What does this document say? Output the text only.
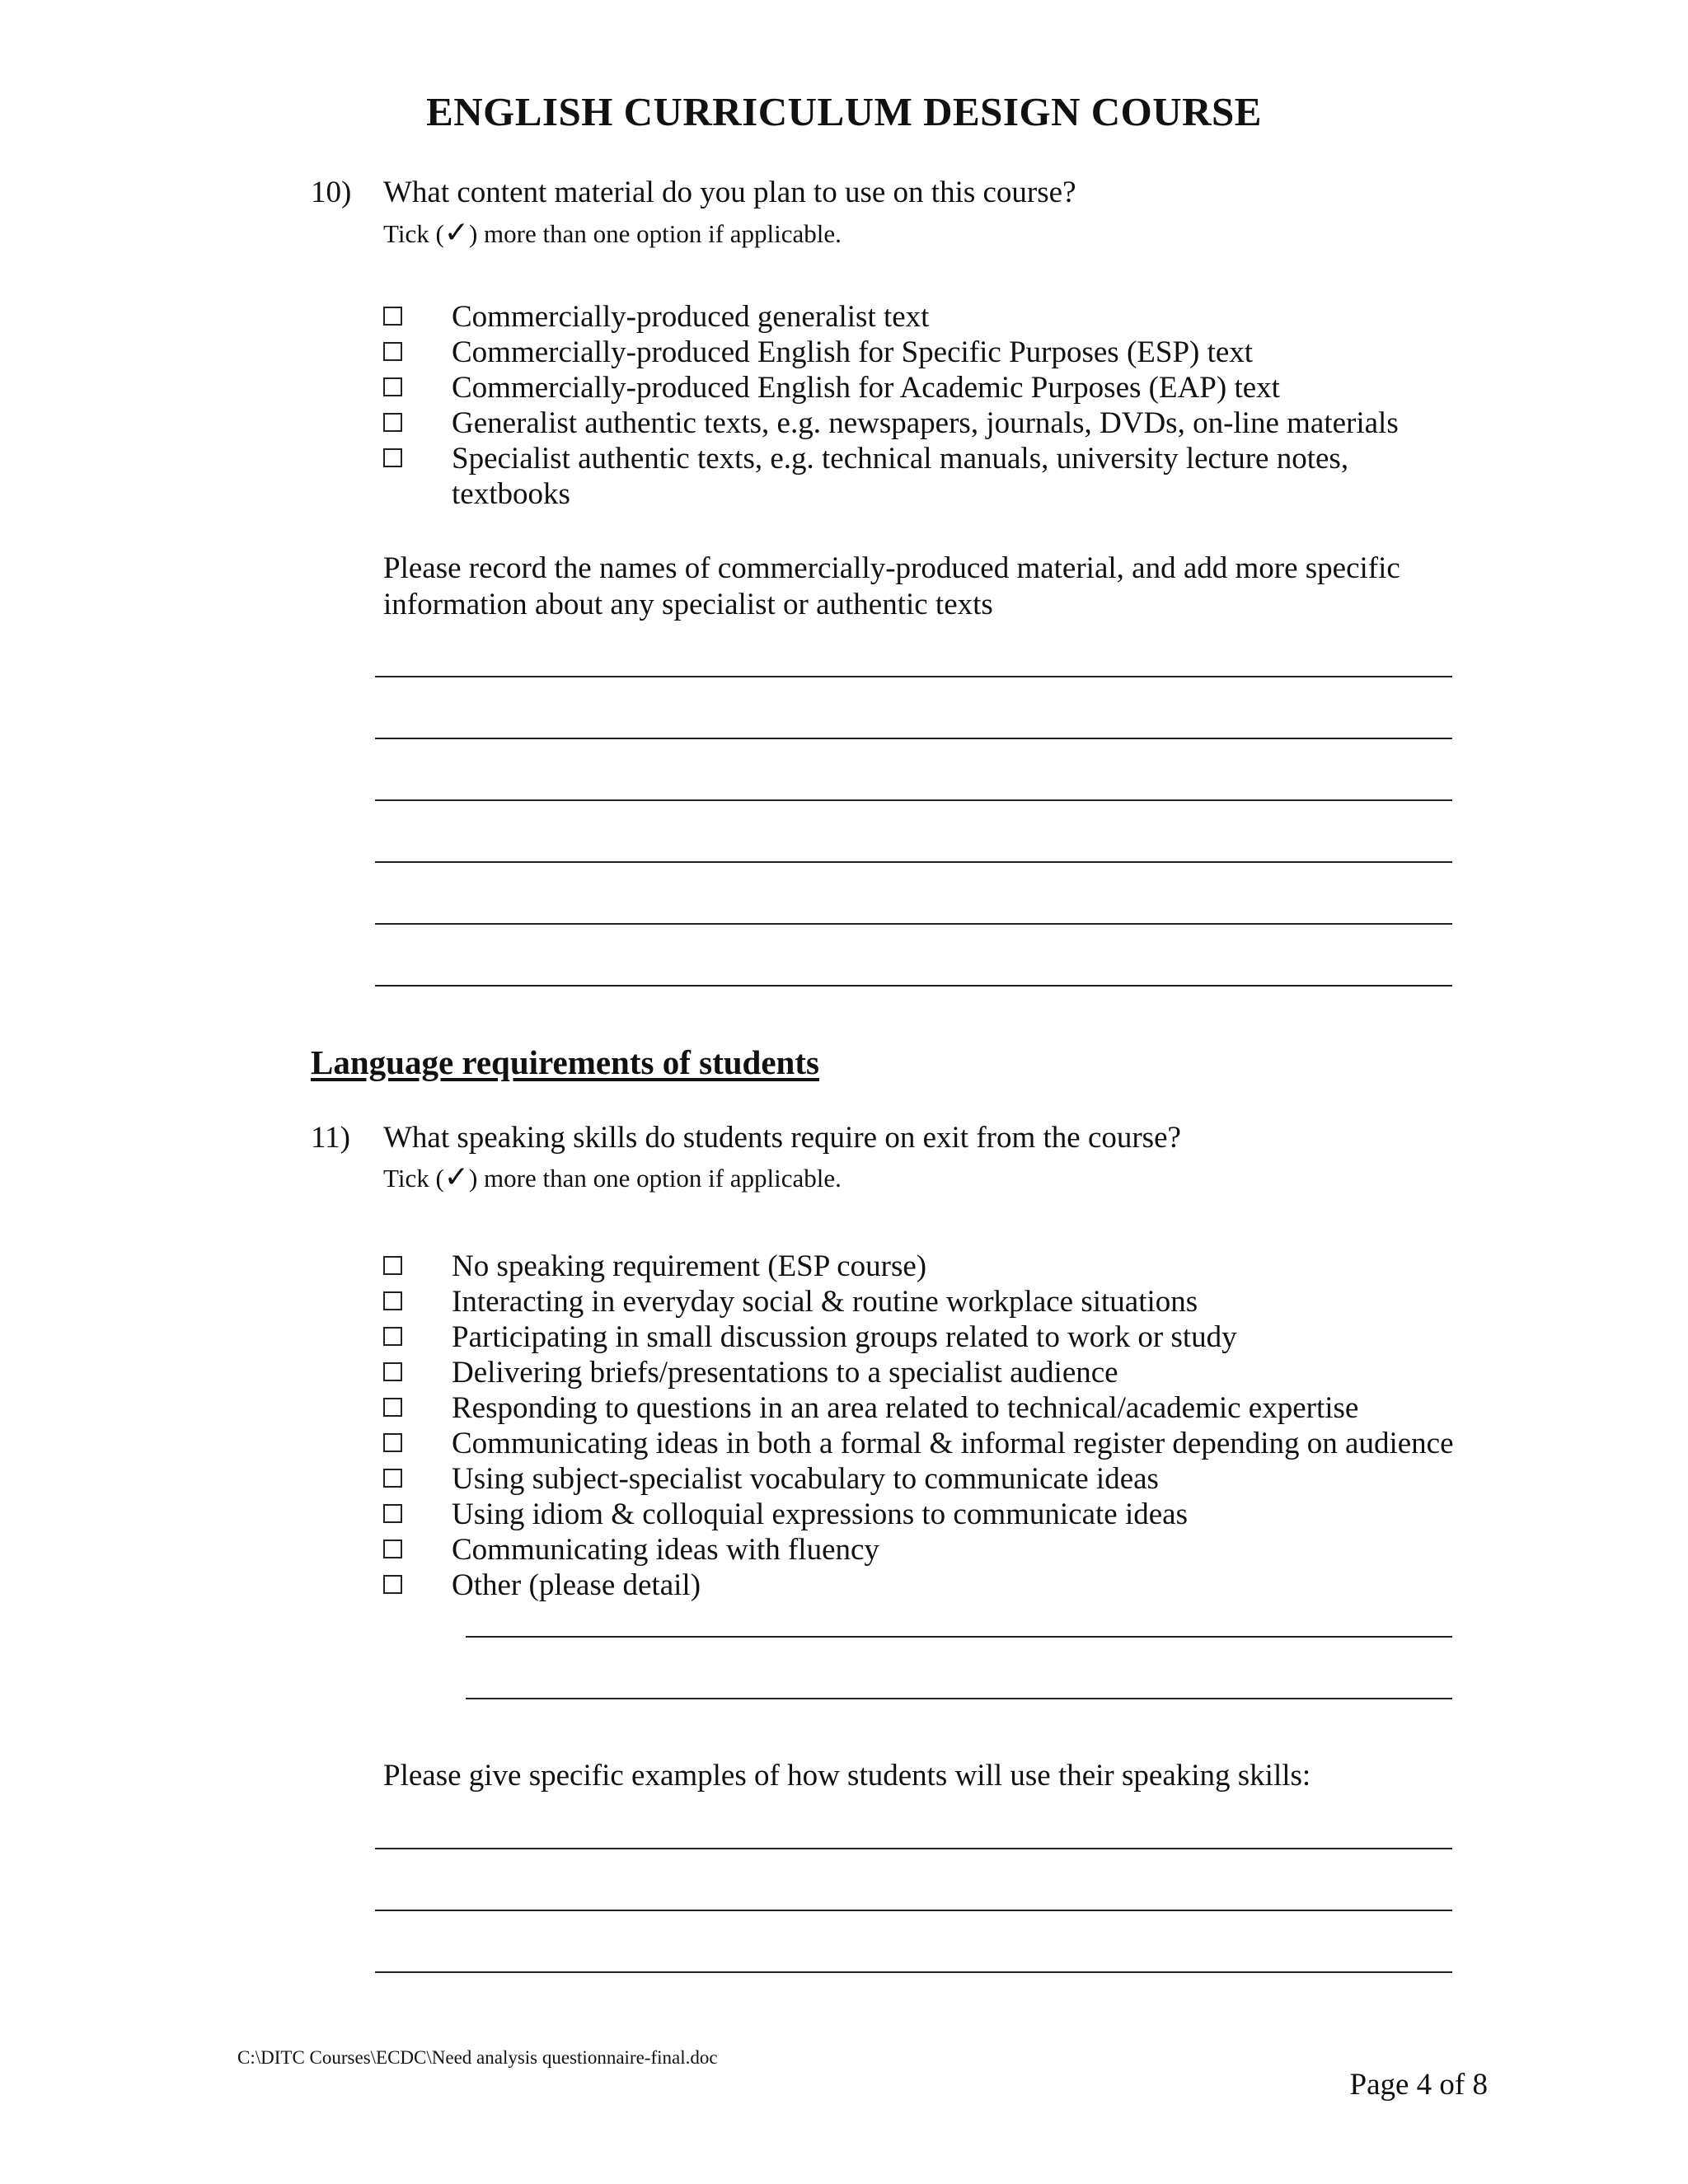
ENGLISH CURRICULUM DESIGN COURSE
10) What content material do you plan to use on this course?
Tick (✓) more than one option if applicable.
Commercially-produced generalist text
Commercially-produced English for Specific Purposes (ESP) text
Commercially-produced English for Academic Purposes (EAP) text
Generalist authentic texts, e.g. newspapers, journals, DVDs, on-line materials
Specialist authentic texts, e.g. technical manuals, university lecture notes, textbooks

Please record the names of commercially-produced material, and add more specific information about any specialist or authentic texts

Language requirements of students
11) What speaking skills do students require on exit from the course?
Tick (✓) more than one option if applicable.
No speaking requirement (ESP course)
Interacting in everyday social & routine workplace situations
Participating in small discussion groups related to work or study
Delivering briefs/presentations to a specialist audience
Responding to questions in an area related to technical/academic expertise
Communicating ideas in both a formal & informal register depending on audience
Using subject-specialist vocabulary to communicate ideas
Using idiom & colloquial expressions to communicate ideas
Communicating ideas with fluency
Other (please detail)

Please give specific examples of how students will use their speaking skills:

C:\DITC Courses\ECDC\Need analysis questionnaire-final.doc
Page 4 of 8
